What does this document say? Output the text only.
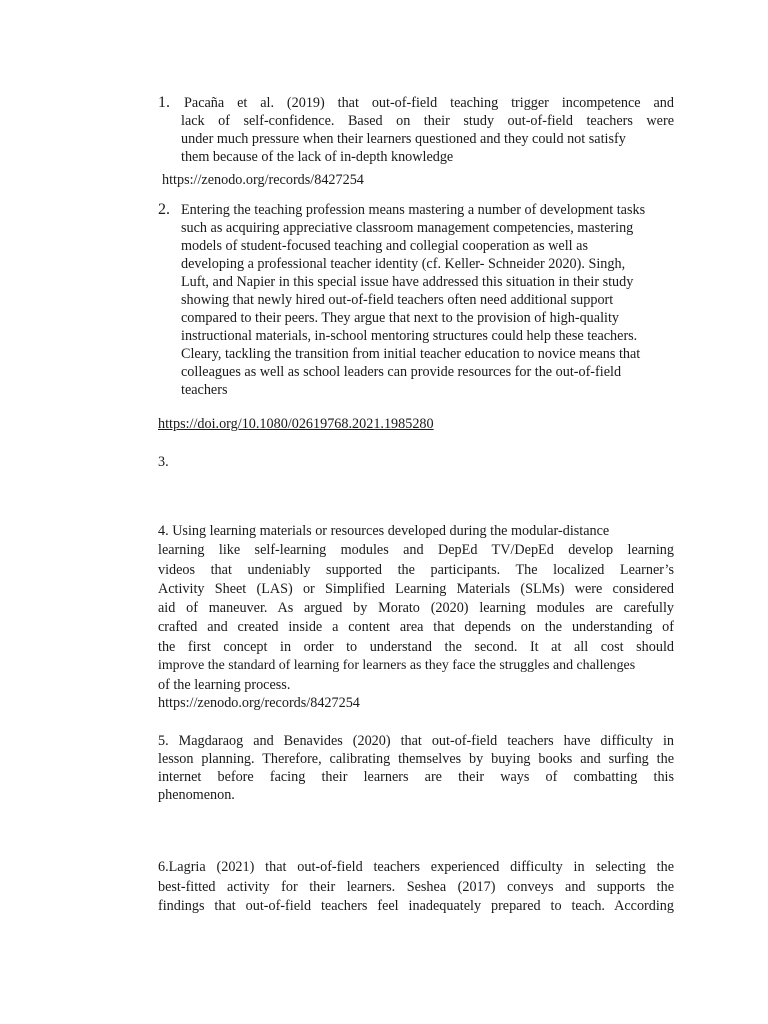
1. Pacaña et al. (2019) that out-of-field teaching trigger incompetence and
lack of self-confidence. Based on their study out-of-field teachers were
under much pressure when their learners questioned and they could not satisfy
them because of the lack of in-depth knowledge
https://zenodo.org/records/8427254
2. Entering the teaching profession means mastering a number of development tasks
such as acquiring appreciative classroom management competencies, mastering
models of student-focused teaching and collegial cooperation as well as
developing a professional teacher identity (cf. Keller- Schneider 2020). Singh,
Luft, and Napier in this special issue have addressed this situation in their study
showing that newly hired out-of-field teachers often need additional support
compared to their peers. They argue that next to the provision of high-quality
instructional materials, in-school mentoring structures could help these teachers.
Cleary, tackling the transition from initial teacher education to novice means that
colleagues as well as school leaders can provide resources for the out-of-field
teachers
https://doi.org/10.1080/02619768.2021.1985280
3.
4. Using learning materials or resources developed during the modular-distance
learning like self-learning modules and DepEd TV/DepEd develop learning
videos that undeniably supported the participants. The localized Learner’s
Activity Sheet (LAS) or Simplified Learning Materials (SLMs) were considered
aid of maneuver. As argued by Morato (2020) learning modules are carefully
crafted and created inside a content area that depends on the understanding of
the first concept in order to understand the second. It at all cost should
improve the standard of learning for learners as they face the struggles and challenges
of the learning process.
https://zenodo.org/records/8427254
5. Magdaraog and Benavides (2020) that out-of-field teachers have difficulty in
lesson planning. Therefore, calibrating themselves by buying books and surfing the
internet before facing their learners are their ways of combatting this
phenomenon.
6.Lagria (2021) that out-of-field teachers experienced difficulty in selecting the
best-fitted activity for their learners. Seshea (2017) conveys and supports the
findings that out-of-field teachers feel inadequately prepared to teach. According
